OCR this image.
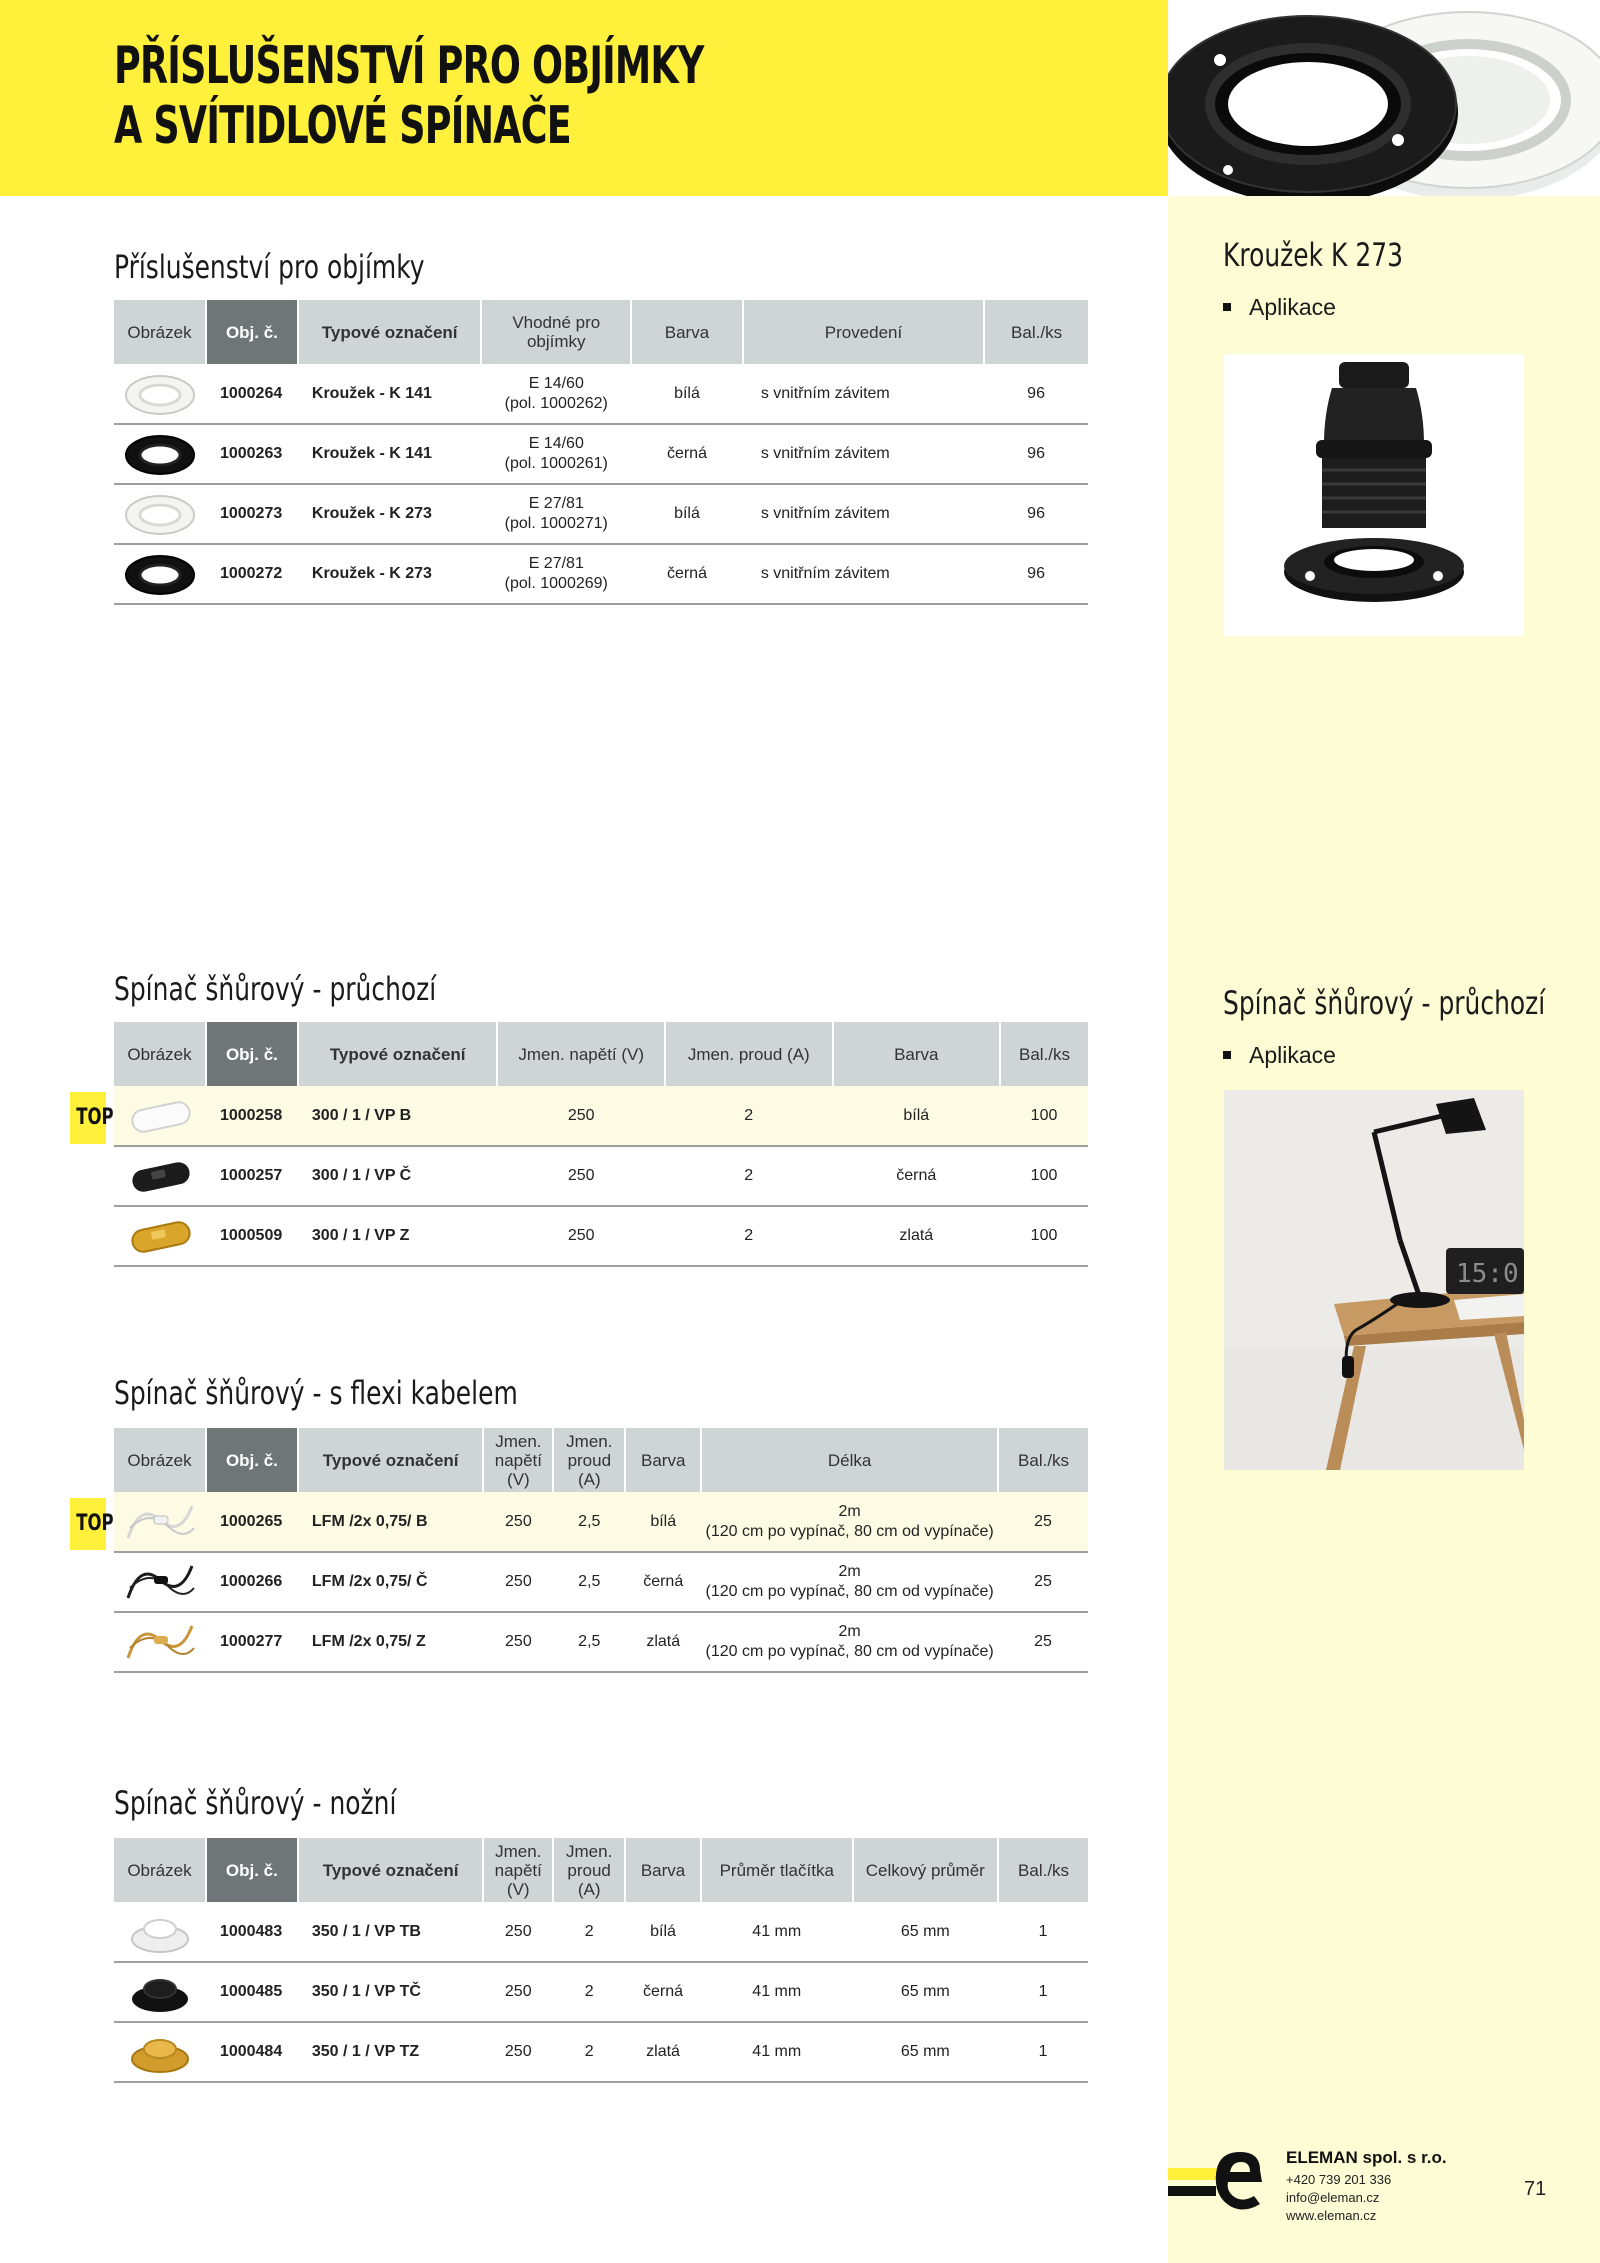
PŘÍSLUŠENSTVÍ PRO OBJÍMKY
A SVÍTIDLOVÉ SPÍNAČE
Příslušenství pro objímky
Obrázek	Obj. č.	Typové označení	Vhodné pro objímky	Barva	Provedení	Bal./ks

	1000264	Kroužek - K 141	E 14/60
(pol. 1000262)	bílá	s vnitřním závitem	96

	1000263	Kroužek - K 141	E 14/60
(pol. 1000261)	černá	s vnitřním závitem	96

	1000273	Kroužek - K 273	E 27/81
(pol. 1000271)	bílá	s vnitřním závitem	96

	1000272	Kroužek - K 273	E 27/81
(pol. 1000269)	černá	s vnitřním závitem	96
Kroužek K 273
Aplikace
Spínač šňůrový - průchozí
TOP
Obrázek	Obj. č.	Typové označení	Jmen. napětí (V)	Jmen. proud (A)	Barva	Bal./ks

	1000258	300 / 1 / VP B	250	2	bílá	100

	1000257	300 / 1 / VP Č	250	2	černá	100

	1000509	300 / 1 / VP Z	250	2	zlatá	100
Spínač šňůrový - průchozí
Aplikace
15:0
Spínač šňůrový - s flexi kabelem
TOP
Obrázek	Obj. č.	Typové označení	Jmen. napětí (V)	Jmen. proud (A)	Barva	Délka	Bal./ks

	1000265	LFM /2x 0,75/ B	250	2,5	bílá	2m
(120 cm po vypínač, 80 cm od vypínače)	25

	1000266	LFM /2x 0,75/ Č	250	2,5	černá	2m
(120 cm po vypínač, 80 cm od vypínače)	25

	1000277	LFM /2x 0,75/ Z	250	2,5	zlatá	2m
(120 cm po vypínač, 80 cm od vypínače)	25
Spínač šňůrový - nožní
Obrázek	Obj. č.	Typové označení	Jmen. napětí (V)	Jmen. proud (A)	Barva	Průměr tlačítka	Celkový průměr	Bal./ks

	1000483	350 / 1 / VP TB	250	2	bílá	41 mm	65 mm	1

	1000485	350 / 1 / VP TČ	250	2	černá	41 mm	65 mm	1

	1000484	350 / 1 / VP TZ	250	2	zlatá	41 mm	65 mm	1
ELEMAN spol. s r.o.
+420 739 201 336
info@eleman.cz
www.eleman.cz
71
